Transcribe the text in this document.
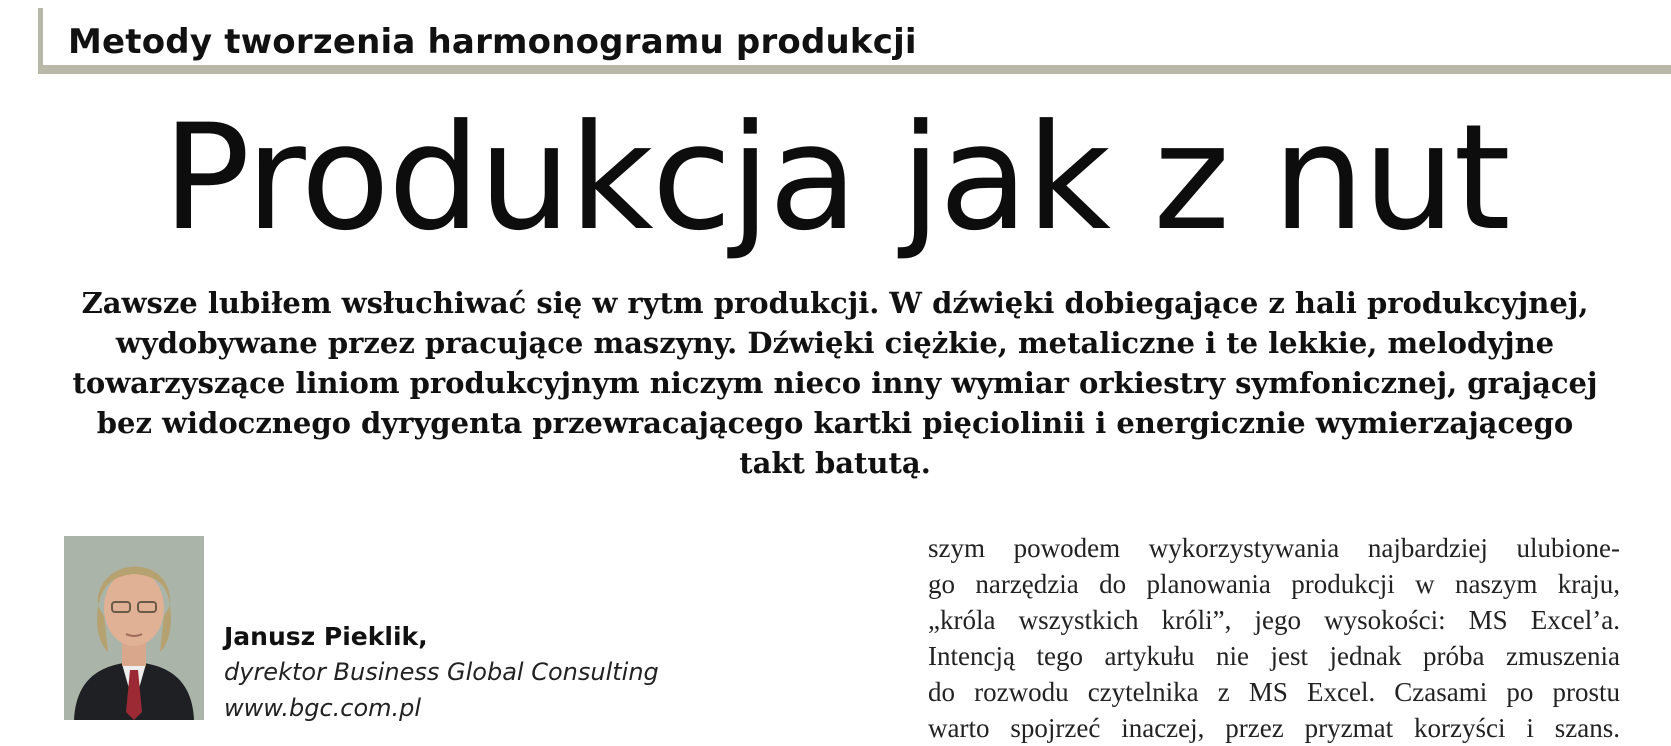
Metody tworzenia harmonogramu produkcji
Produkcja jak z nut

Zawsze lubiłem wsłuchiwać się w rytm produkcji. W dźwięki dobiegające z hali produkcyjnej, wydobywane przez pracujące maszyny. Dźwięki ciężkie, metaliczne i te lekkie, melodyjne towarzyszące liniom produkcyjnym niczym nieco inny wymiar orkiestry symfonicznej, grającej bez widocznego dyrygenta przewracającego kartki pięciolinii i energicznie wymierzającego takt batutą.

Janusz Pieklik,
dyrektor Business Global Consulting
www.bgc.com.pl
szym powodem wykorzystywania najbardziej ulubione-
go narzędzia do planowania produkcji w naszym kraju,
„króla wszystkich króli”, jego wysokości: MS Excel’a.
Intencją tego artykułu nie jest jednak próba zmuszenia
do rozwodu czytelnika z MS Excel. Czasami po prostu
warto spojrzeć inaczej, przez pryzmat korzyści i szans.
